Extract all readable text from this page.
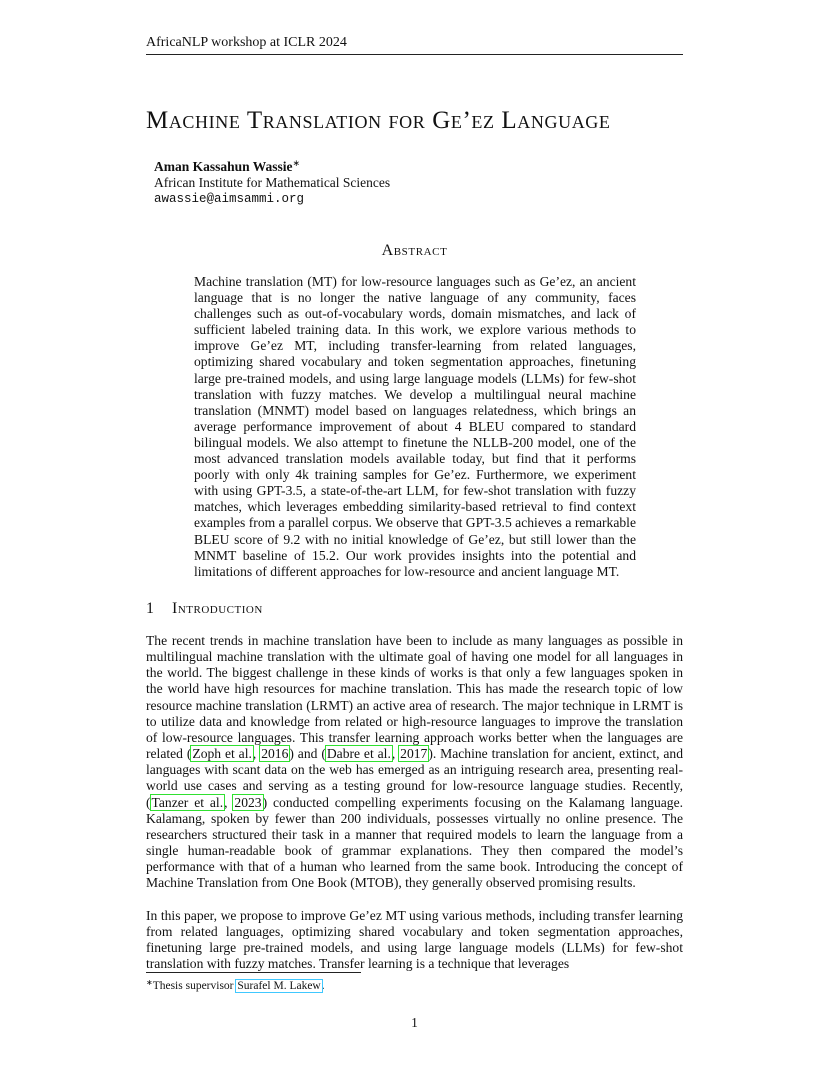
AfricaNLP workshop at ICLR 2024
Machine Translation for Ge’ez Language
Aman Kassahun Wassie∗
African Institute for Mathematical Sciences
awassie@aimsammi.org
Abstract

Machine translation (MT) for low-resource languages such as Ge’ez, an ancient language that is no longer the native language of any community, faces challenges such as out-of-vocabulary words, domain mismatches, and lack of sufficient labeled training data. In this work, we explore various methods to improve Ge’ez MT, including transfer-learning from related languages, optimizing shared vocabulary and token segmentation approaches, finetuning large pre-trained models, and using large language models (LLMs) for few-shot translation with fuzzy matches. We develop a multilingual neural machine translation (MNMT) model based on languages relatedness, which brings an average performance improvement of about 4 BLEU compared to standard bilingual models. We also attempt to finetune the NLLB-200 model, one of the most advanced translation models available today, but find that it performs poorly with only 4k training samples for Ge’ez. Furthermore, we experiment with using GPT-3.5, a state-of-the-art LLM, for few-shot translation with fuzzy matches, which leverages embedding similarity-based retrieval to find context examples from a parallel corpus. We observe that GPT-3.5 achieves a remarkable BLEU score of 9.2 with no initial knowledge of Ge’ez, but still lower than the MNMT baseline of 15.2. Our work provides insights into the potential and limitations of different approaches for low-resource and ancient language MT.

1 Introduction

The recent trends in machine translation have been to include as many languages as possible in multilingual machine translation with the ultimate goal of having one model for all languages in the world. The biggest challenge in these kinds of works is that only a few languages spoken in the world have high resources for machine translation. This has made the research topic of low resource machine translation (LRMT) an active area of research. The major technique in LRMT is to utilize data and knowledge from related or high-resource languages to improve the translation of low-resource languages. This transfer learning approach works better when the languages are related (Zoph et al., 2016) and (Dabre et al., 2017). Machine translation for ancient, extinct, and languages with scant data on the web has emerged as an intriguing research area, presenting real-world use cases and serving as a testing ground for low-resource language studies. Recently, (Tanzer et al., 2023) conducted compelling experiments focusing on the Kalamang language. Kalamang, spoken by fewer than 200 individuals, possesses virtually no online presence. The researchers structured their task in a manner that required models to learn the language from a single human-readable book of grammar explanations. They then compared the model’s performance with that of a human who learned from the same book. Introducing the concept of Machine Translation from One Book (MTOB), they generally observed promising results.

In this paper, we propose to improve Ge’ez MT using various methods, including transfer learning from related languages, optimizing shared vocabulary and token segmentation approaches, finetuning large pre-trained models, and using large language models (LLMs) for few-shot translation with fuzzy matches. Transfer learning is a technique that leverages

∗Thesis supervisor Surafel M. Lakew.
1
